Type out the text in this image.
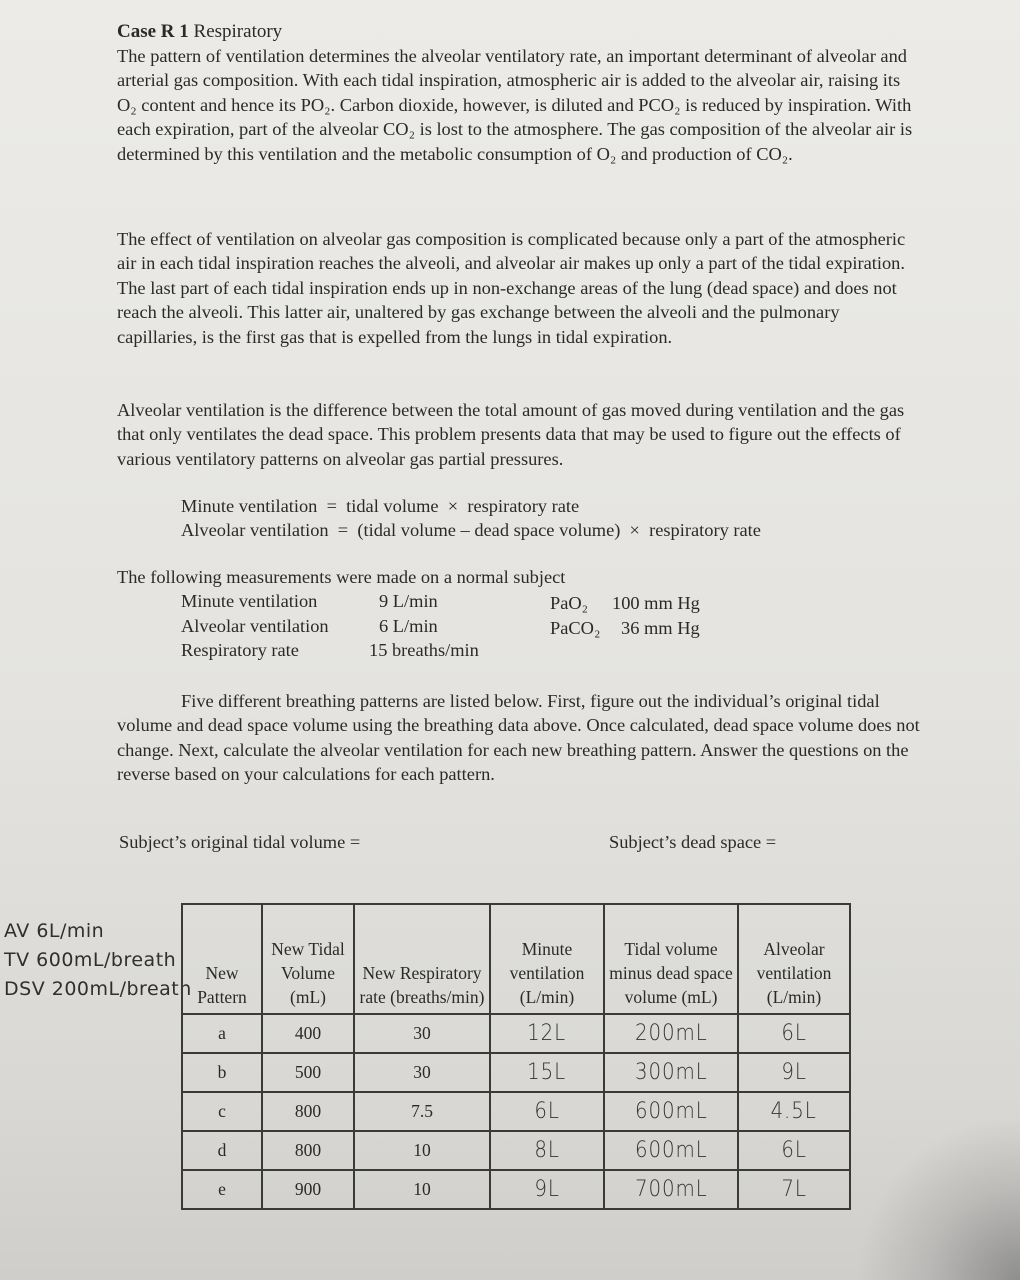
Case R 1 Respiratory

The pattern of ventilation determines the alveolar ventilatory rate, an important determinant of alveolar and arterial gas composition. With each tidal inspiration, atmospheric air is added to the alveolar air, raising its O₂ content and hence its PO₂. Carbon dioxide, however, is diluted and PCO₂ is reduced by inspiration. With each expiration, part of the alveolar CO₂ is lost to the atmosphere. The gas composition of the alveolar air is determined by this ventilation and the metabolic consumption of O₂ and production of CO₂.

The effect of ventilation on alveolar gas composition is complicated because only a part of the atmospheric air in each tidal inspiration reaches the alveoli, and alveolar air makes up only a part of the tidal expiration. The last part of each tidal inspiration ends up in non-exchange areas of the lung (dead space) and does not reach the alveoli. This latter air, unaltered by gas exchange between the alveoli and the pulmonary capillaries, is the first gas that is expelled from the lungs in tidal expiration.

Alveolar ventilation is the difference between the total amount of gas moved during ventilation and the gas that only ventilates the dead space. This problem presents data that may be used to figure out the effects of various ventilatory patterns on alveolar gas partial pressures.

Minute ventilation  =  tidal volume  ×  respiratory rate
Alveolar ventilation  =  (tidal volume – dead space volume)  ×  respiratory rate
The following measurements were made on a normal subject
Minute ventilation	9 L/min
Alveolar ventilation	6 L/min
Respiratory rate	15 breaths/min
PaO₂ 100 mm Hg
PaCO₂ 36 mm Hg

Five different breathing patterns are listed below. First, figure out the individual’s original tidal volume and dead space volume using the breathing data above. Once calculated, dead space volume does not change. Next, calculate the alveolar ventilation for each new breathing pattern. Answer the questions on the reverse based on your calculations for each pattern.

Subject’s original tidal volume =	Subject’s dead space =
AV 6L/min
TV 600mL/breath
DSV 200mL/breath
New Pattern	New Tidal Volume (mL)	New Respiratory rate (breaths/min)	Minute ventilation (L/min)	Tidal volume minus dead space volume (mL)	Alveolar ventilation (L/min)
a	400	30	12L	200mL	6L
b	500	30	15L	300mL	9L
c	800	7.5	6L	600mL	4.5L
d	800	10	8L	600mL	6L
e	900	10	9L	700mL	7L
